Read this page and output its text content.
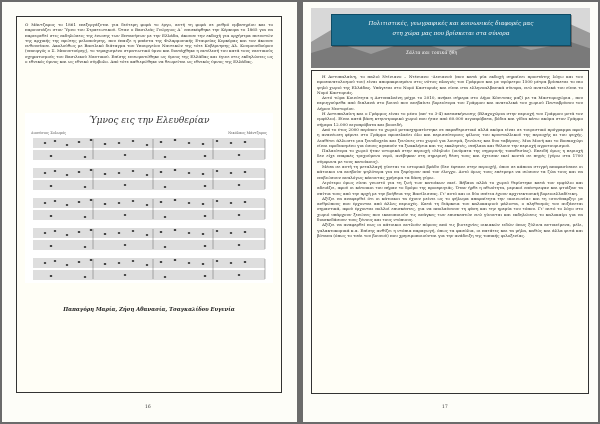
Ο Μάντζαρος το 1861 επεξεργάζεται για δεύτερη φορά το έργο, αυτή τη φορά σε ρυθμό εμβατηρίου και το παρουσιάζει στον Ύμνο του Στρατιωτικού. Όταν ο Βασιλιάς Γεώργιος Α΄ επισκέφθηκε την Κέρκυρα το 1865 για να παρευρεθεί στις εκδηλώσεις της ένωσης των Επτανήσων με την Ελλάδα, άκουσε την εκδοχή για ορχήστρα πνευστών της αρχικής της πρώτης μελοποίησης, που έπαιξε η μπάντα της Φιλαρμονικής Εταιρείας Κερκύρας και τον άκουσε ενθουσίασε. Ακολούθως με Βασιλικό διάταγμα του Υπουργείου Ναυτικών της τότε Κυβέρνησης Αλ. Κουμουνδούρου (υπουργός ο Σ. Μπουντούρης), το τεμαχισμένο στρατιωτικό ύμνο και διατάχθηκε η εκτέλεσή του κατά τους ναυτικούς σχηματισμούς του Βασιλικού Ναυτικού. Επίσης ενσωματώθηκε ως ύμνος της Ελλάδας και έγινε στις εκδηλώσεις ως ο εθνικός ύμνος και ως εθνικό σύμβολο. Από τότε καθιερώθηκε να θεωρείται ως εθνικός ύμνος της Ελλάδας.

Ύμνος εις την Ελευθερίαν
Διονύσιος Σολωμός	Νικόλαος Μάντζαρος
Παπαγόρη Μαρία, Ζήση Αθανασία, Τσαγκαλίδου Ευγενία
16
Πολιτιστικές, γεωγραφικές και κοινωνικές διαφορές μας
στη χώρα μας που βρίσκεται στα σύνορα
Σάλτα και τοπικά ήθη

Η Αστυπαλαίνη, το παλιό Ντίνιανο – Ντένιανο -Δενιανού (που κατά μία εκδοχή σημαίνει προστάτης λόγω και του προσανατολισμού του) είναι απομακρυσμένο στις νότιες πλαγιές του Γράμμου και με υψόμετρο 1500 μέτρα βρίσκεται το πιο ψηλό χωριό της Ελλάδας. Υπάγεται στο Νομό Καστοριάς και είναι στα ελληνοαλβανικά σύνορα, ενώ ανατολικά του είναι το Νομό Καστοριάς.

Αυτό τώρα Κοινότητα η Αστυπαλαίνη μέχρι το 2010, ανήκει σήμερα στο Δήμο Κόνιτσας μαζί με τα Μαστοροχώρια , που περιηγούμεθα από διπλανά στο βουνό που ανεβαίνει βορειότερα του Γράμμου και ανατολικά του χωριού Πενταβρύσου του Δήμου Νεστορίου.

Η Αστυπαλαίνη και ο Γράμμος είναι το μέσο (απ' το 3-4) κατασκήνωσης (Βλαχοχώρια στην περιοχή του Γράμμου μετά τον εμφύλιο). Είναι κατά βάση κτηνοτροφικό χωριό που ήταν από 60.000 αιγοπρόβατα, βόδια και γίδια κάτω ακόμα στον Γράμμο σήμερα 12.000 αιγοπρόβατα και βοοειδή.

Από το έτος 2000 περίπου το χωριό μετασχηματίστηκε σε παραθεριστικό αλλά ακόμα είναι σε τουριστικό πρόγραμμα αφού η ανανέωση φέρνει στο Γράμμο προσελκύει όλο και περισσότερους φίλους του κρυσταλλικού της περιοχής κι του ψυχής. Διαθέτει άλλωστε μια ξενοδοχεία και ξενώνες στο χωριό για λουτρά, ξενώνες και δυο ταβέρνες. Μια Μονή και το Βοσκοχώρι είναι εφοδιασμένο για όσους αγαπούν τα ξωκκλήσια και τις εκκλησιές, σπήλαια και θέλουν την περιοχή αγροτουρισμού.

Παλαιότερα το χωριό ήταν ιστορικά στην περιοχή «Μηλιά» (ονόματα της σημερινής τοποθεσίας). Επειδή όμως η περιοχή δεν είχε επαρκές τρεχούμενο νερό, ανέβηκαν στη σημερινή θέση τους και έχτισαν εκεί κοντά σε πηγές (γύρω στα 1700 σύμφωνα με τους κατοίκους).

Μέσα σε αυτή τη μεταλλαγή γίνεται το ιστορικό βράδυ (δεν έφτανε στην περιοχή), όπου σε κάποια στιγμή αποφασίσανε οι κάτοικοι να ανεβούν ψηλότερα για να ξεφύγουν από τον έλεγχο. Αυτό όμως τους επέτρεψε να σώσουν τα ζώα τους και να επιβιώσουν αναλόγως κάνοντας χρήσιμα τα δάση γύρω.

Λιγότερο όμως είναι γνωστό για τη ζωή των κατοίκων εκεί. Βέβαια αλλά το χωριό θερίστηκε κατά τον εμφύλιο και αδειάζει, αφού οι κάτοικοι του πήραν το δρόμο της προσφυγιάς. Όταν ήρθε η αθωότητα, μερικοί επέστρεψαν και φτιάξαν τα σπίτια τους από την αρχή με την βοήθεια της Βασίλισσας. Γι' αυτό και οι δύο σπίτια έχουν αρχιτεκτονική βορειοελλαδίτικη.

Αξίζει να αναφερθεί ότι οι κάτοικοι τα έχουν μείνει ως το ψήλωμα απαραίτητα την «κοινωνία» και τη «συνύπαρξη» με ανθρώπους που έρχονται από άλλες περιοχές. Κατά τη διάρκεια του καλοκαιριού μάλιστα, ο πληθυσμός του αυξάνεται σημαντικά, αφού έρχονται πολλοί επισκέπτες, για να απολαύσουν τη φύση και την ηρεμία του τόπου. Γι' αυτό το λόγο στο χωριό υπάρχουν ξενώνες που ικανοποιούν τις ανάγκες των επισκεπτών ενώ γίνονται και εκδηλώσεις το καλοκαίρι για να διασκεδάσουν τους ξένους και τους ντόπιους.

Αξίζει να αναφερθεί πως οι κάτοικοι αντλούν πόρους από τις βιοτεχνίες οικιακών ειδών όπως ξύλινα αντικείμενα, μέλι, γαλακτοκομικά κ.α. Επίσης ανθίζει η ντόπια παραγωγή, όπως τα φασόλια, οι πατάτες και τα μήλα, καθώς και άλλα φυτά και βότανα (όπως το τσάι του βουνού) που χρησιμοποιούνται για την ανάδειξη της τοπικής φιλοξενίας.

17
